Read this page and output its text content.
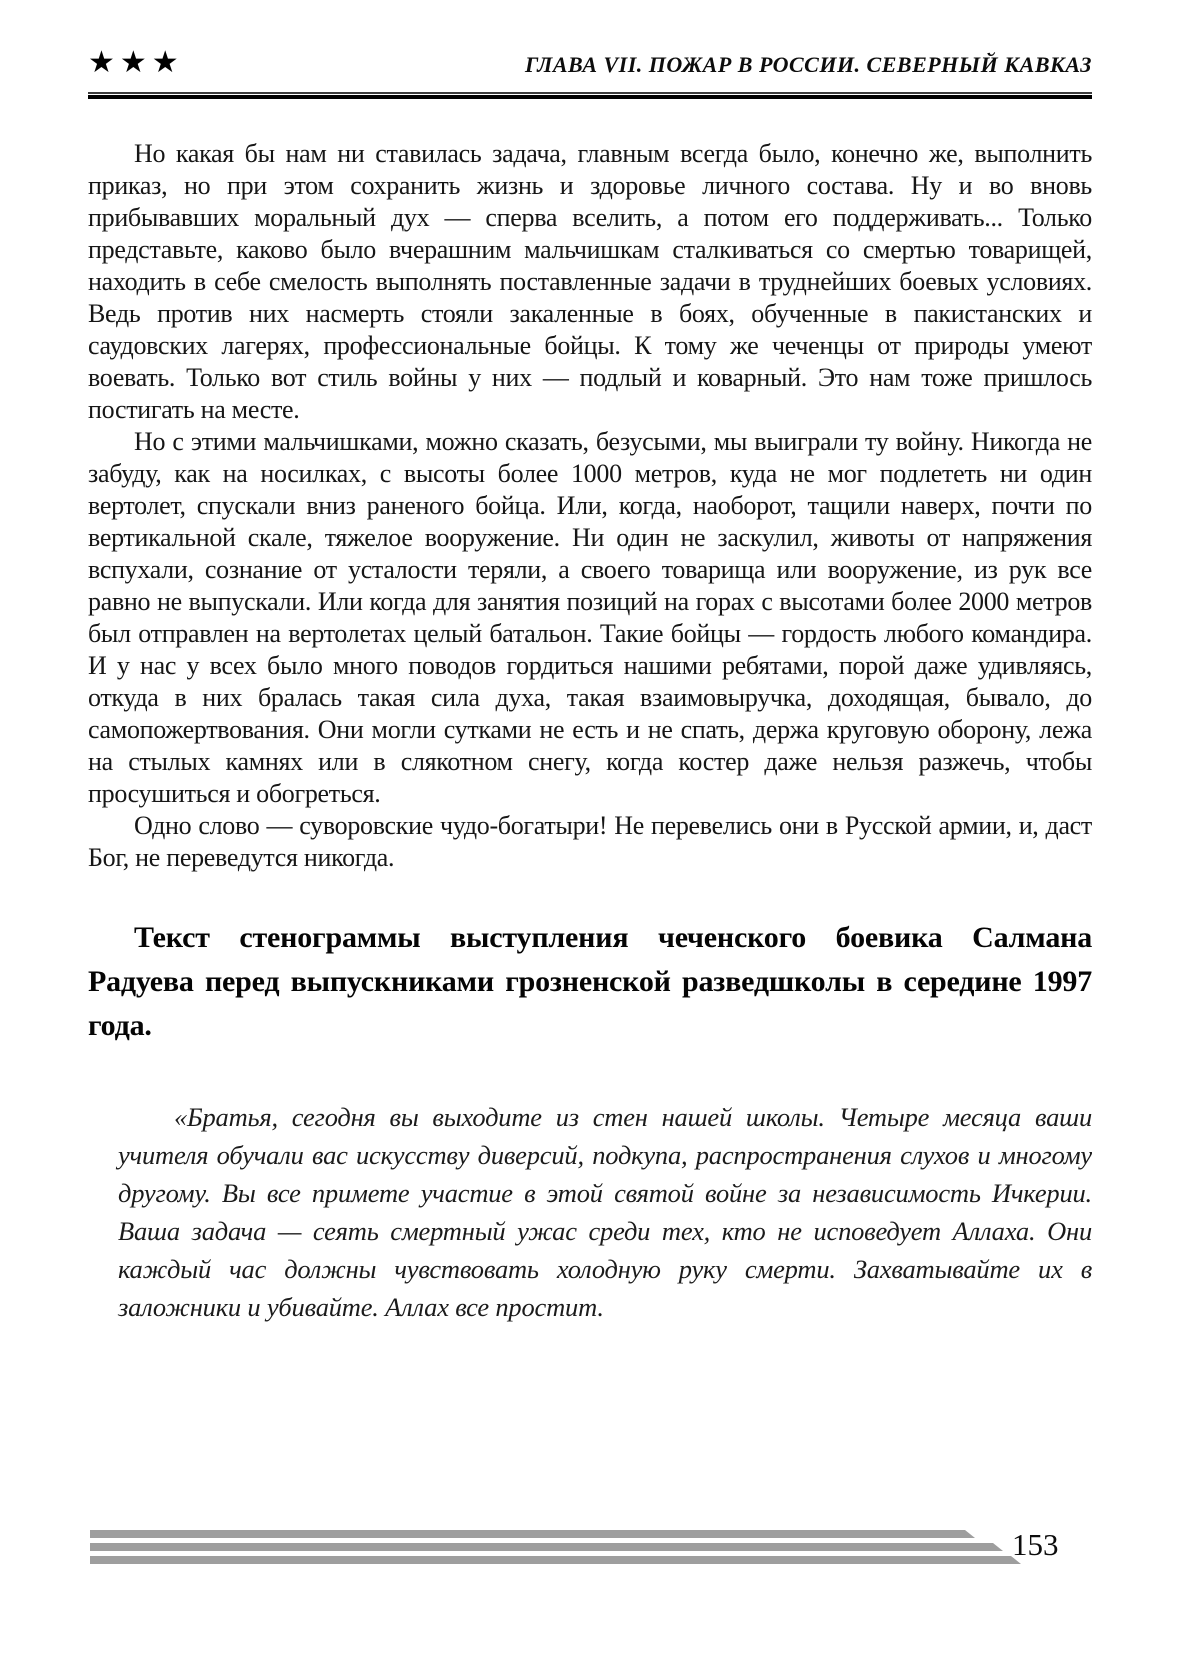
★★★	ГЛАВА VII. ПОЖАР В РОССИИ. СЕВЕРНЫЙ КАВКАЗ

Но какая бы нам ни ставилась задача, главным всегда было, конечно же, выполнить приказ, но при этом сохранить жизнь и здоровье личного состава. Ну и во вновь прибывавших моральный дух — сперва вселить, а потом его поддерживать... Только представьте, каково было вчерашним мальчишкам сталкиваться со смертью товарищей, находить в себе смелость выполнять поставленные задачи в труднейших боевых условиях. Ведь против них насмерть стояли закаленные в боях, обученные в пакистанских и саудовских лагерях, профессиональные бойцы. К тому же чеченцы от природы умеют воевать. Только вот стиль войны у них — подлый и коварный. Это нам тоже пришлось постигать на месте.

Но с этими мальчишками, можно сказать, безусыми, мы выиграли ту войну. Никогда не забуду, как на носилках, с высоты более 1000 метров, куда не мог подлететь ни один вертолет, спускали вниз раненого бойца. Или, когда, наоборот, тащили наверх, почти по вертикальной скале, тяжелое вооружение. Ни один не заскулил, животы от напряжения вспухали, сознание от усталости теряли, а своего товарища или вооружение, из рук все равно не выпускали. Или когда для занятия позиций на горах с высотами более 2000 метров был отправлен на вертолетах целый батальон. Такие бойцы — гордость любого командира. И у нас у всех было много поводов гордиться нашими ребятами, порой даже удивляясь, откуда в них бралась такая сила духа, такая взаимовыручка, доходящая, бывало, до самопожертвования. Они могли сутками не есть и не спать, держа круговую оборону, лежа на стылых камнях или в слякотном снегу, когда костер даже нельзя разжечь, чтобы просушиться и обогреться.

Одно слово — суворовские чудо-богатыри! Не перевелись они в Русской армии, и, даст Бог, не переведутся никогда.

Текст стенограммы выступления чеченского боевика Салмана Радуева перед выпускниками грозненской разведшколы в середине 1997 года.

«Братья, сегодня вы выходите из стен нашей школы. Четыре месяца ваши учителя обучали вас искусству диверсий, подкупа, распространения слухов и многому другому. Вы все примете участие в этой святой войне за независимость Ичкерии. Ваша задача — сеять смертный ужас среди тех, кто не исповедует Аллаха. Они каждый час должны чувствовать холодную руку смерти. Захватывайте их в заложники и убивайте. Аллах все простит.

153
